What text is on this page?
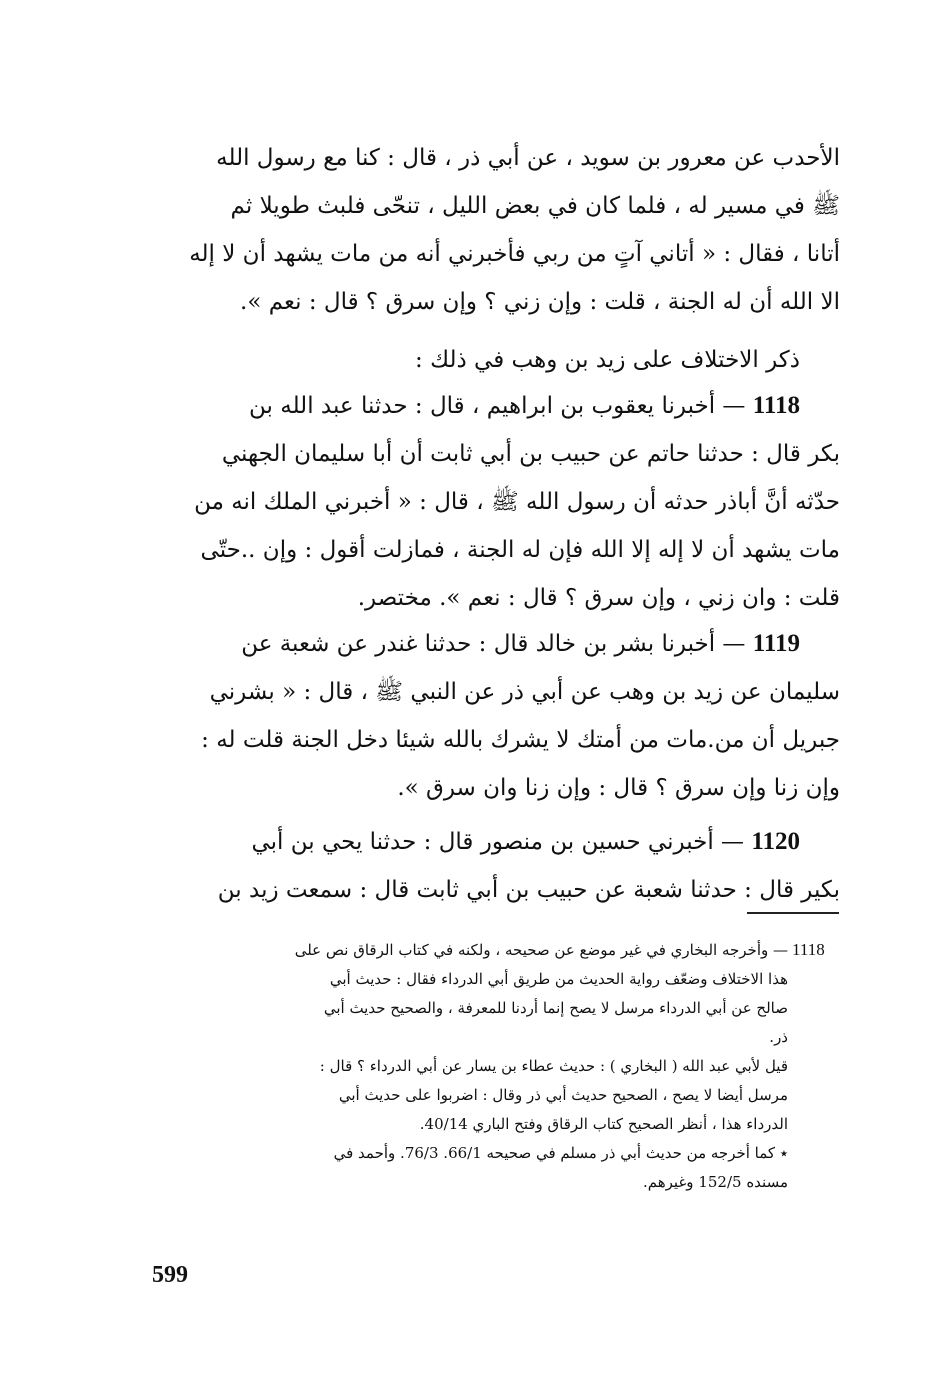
الأحدب عن معرور بن سويد ، عن أبي ذر ، قال : كنا مع رسول الله
ﷺ في مسير له ، فلما كان في بعض الليل ، تنحّى فلبث طويلا ثم
أتانا ، فقال : « أتاني آتٍ من ربي فأخبرني أنه من مات يشهد أن لا إله
الا الله أن له الجنة ، قلت : وإن زني ؟ وإن سرق ؟ قال : نعم ».
ذكر الاختلاف على زيد بن وهب في ذلك :
1118 — أخبرنا يعقوب بن ابراهيم ، قال : حدثنا عبد الله بن
بكر قال : حدثنا حاتم عن حبيب بن أبي ثابت أن أبا سليمان الجهني
حدّثه أنَّ أباذر حدثه أن رسول الله ﷺ ، قال : « أخبرني الملك انه من
مات يشهد أن لا إله إلا الله فإن له الجنة ، فمازلت أقول : وإن ..حتّى
قلت : وان زني ، وإن سرق ؟ قال : نعم ». مختصر.
1119 — أخبرنا بشر بن خالد قال : حدثنا غندر عن شعبة عن
سليمان عن زيد بن وهب عن أبي ذر عن النبي ﷺ ، قال : « بشرني
جبريل أن من.مات من أمتك لا يشرك بالله شيئا دخل الجنة قلت له :
وإن زنا وإن سرق ؟ قال : وإن زنا وان سرق ».
1120 — أخبرني حسين بن منصور قال : حدثنا يحي بن أبي
بكير قال : حدثنا شعبة عن حبيب بن أبي ثابت قال : سمعت زيد بن
1118
— وأخرجه البخاري في غير موضع عن صحيحه ، ولكنه في كتاب الرقاق نص على
هذا الاختلاف وضعّف رواية الحديث من طريق أبي الدرداء فقال : حديث أبي
صالح عن أبي الدرداء مرسل لا يصح إنما أردنا للمعرفة ، والصحيح حديث أبي
ذر.
قيل لأبي عبد الله ( البخاري ) : حديث عطاء بن يسار عن أبي الدرداء ؟ قال :
مرسل أيضا لا يصح ، الصحيح حديث أبي ذر وقال : اضربوا على حديث أبي
الدرداء هذا ، أنظر الصحيح كتاب الرقاق وفتح الباري 40/14.
٭ كما أخرجه من حديث أبي ذر مسلم في صحيحه 66/1. 76/3. وأحمد في
مسنده 152/5 وغيرهم.
599
